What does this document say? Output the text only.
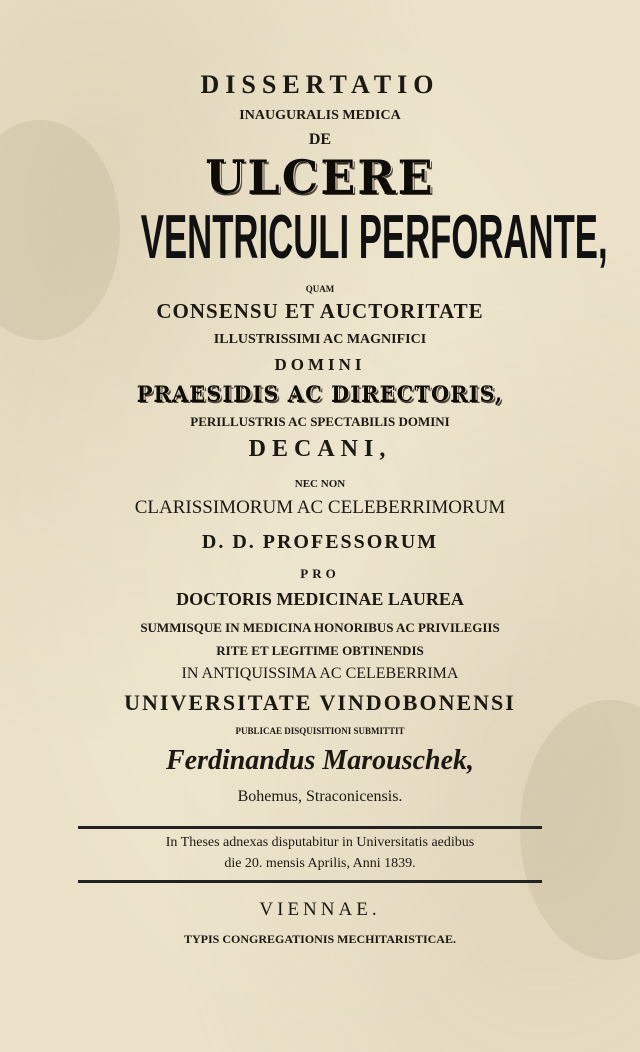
DISSERTATIO
INAUGURALIS MEDICA
DE
ULCERE
VENTRICULI PERFORANTE,
QUAM
CONSENSU ET AUCTORITATE
ILLUSTRISSIMI AC MAGNIFICI
DOMINI
PRAESIDIS AC DIRECTORIS,
PERILLUSTRIS AC SPECTABILIS DOMINI
DECANI,
NEC NON
CLARISSIMORUM AC CELEBERRIMORUM
D. D. PROFESSORUM
PRO
DOCTORIS MEDICINAE LAUREA
SUMMISQUE IN MEDICINA HONORIBUS AC PRIVILEGIIS
RITE ET LEGITIME OBTINENDIS
IN ANTIQUISSIMA AC CELEBERRIMA
UNIVERSITATE VINDOBONENSI
PUBLICAE DISQUISITIONI SUBMITTIT
Ferdinandus Marouschek,
Bohemus, Straconicensis.
In Theses adnexas disputabitur in Universitatis aedibus
die 20. mensis Aprilis, Anni 1839.
VIENNAE.
TYPIS CONGREGATIONIS MECHITARISTICAE.
